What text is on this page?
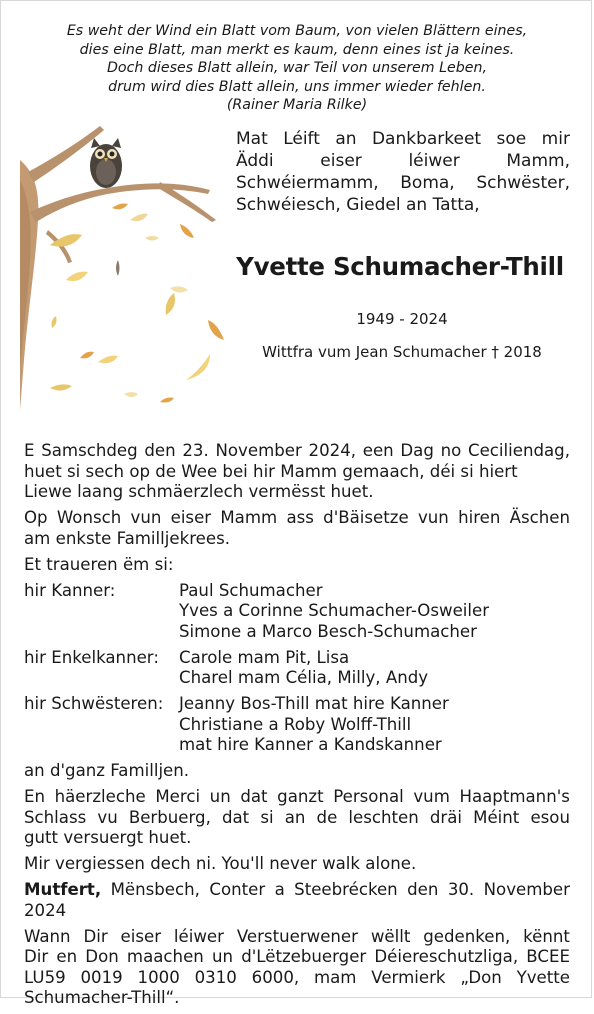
Es weht der Wind ein Blatt vom Baum, von vielen Blättern eines,
dies eine Blatt, man merkt es kaum, denn eines ist ja keines.
Doch dieses Blatt allein, war Teil von unserem Leben,
drum wird dies Blatt allein, uns immer wieder fehlen.
(Rainer Maria Rilke)
Mat Léift an Dankbarkeet soe mir
Äddi	eiser	léiwer	Mamm,
Schwéiermamm, Boma, Schwëster,
Schwéiesch, Giedel an Tatta,
Yvette Schumacher-Thill
1949 - 2024
Wittfra vum Jean Schumacher † 2018

E Samschdeg den 23. November 2024, een Dag no Ceciliendag,
huet si sech op de Wee bei hir Mamm gemaach, déi si hiert
Liewe laang schmäerzlech vermësst huet.

Op Wonsch vun eiser Mamm ass d'Bäisetze vun hiren Äschen
am enkste Familljekrees.

Et traueren ëm si:

hir Kanner:	Paul Schumacher
Yves a Corinne Schumacher-Osweiler
Simone a Marco Besch-Schumacher
hir Enkelkanner:	Carole mam Pit, Lisa
Charel mam Célia, Milly, Andy
hir Schwësteren: Jeanny Bos-Thill mat hire Kanner
Christiane a Roby Wolff-Thill
mat hire Kanner a Kandskanner

an d'ganz Familljen.

En häerzleche Merci un dat ganzt Personal vum Haaptmann's
Schlass vu Berbuerg, dat si an de leschten dräi Méint esou
gutt versuergt huet.

Mir vergiessen dech ni. You'll never walk alone.

Mutfert, Mënsbech, Conter a Steebrécken den 30. November
2024

Wann Dir eiser léiwer Verstuerwener wëllt gedenken, kënnt
Dir en Don maachen un d'Lëtzebuerger Déiereschutzliga, BCEE
LU59 0019 1000 0310 6000, mam Vermierk „Don Yvette
Schumacher-Thill“.
